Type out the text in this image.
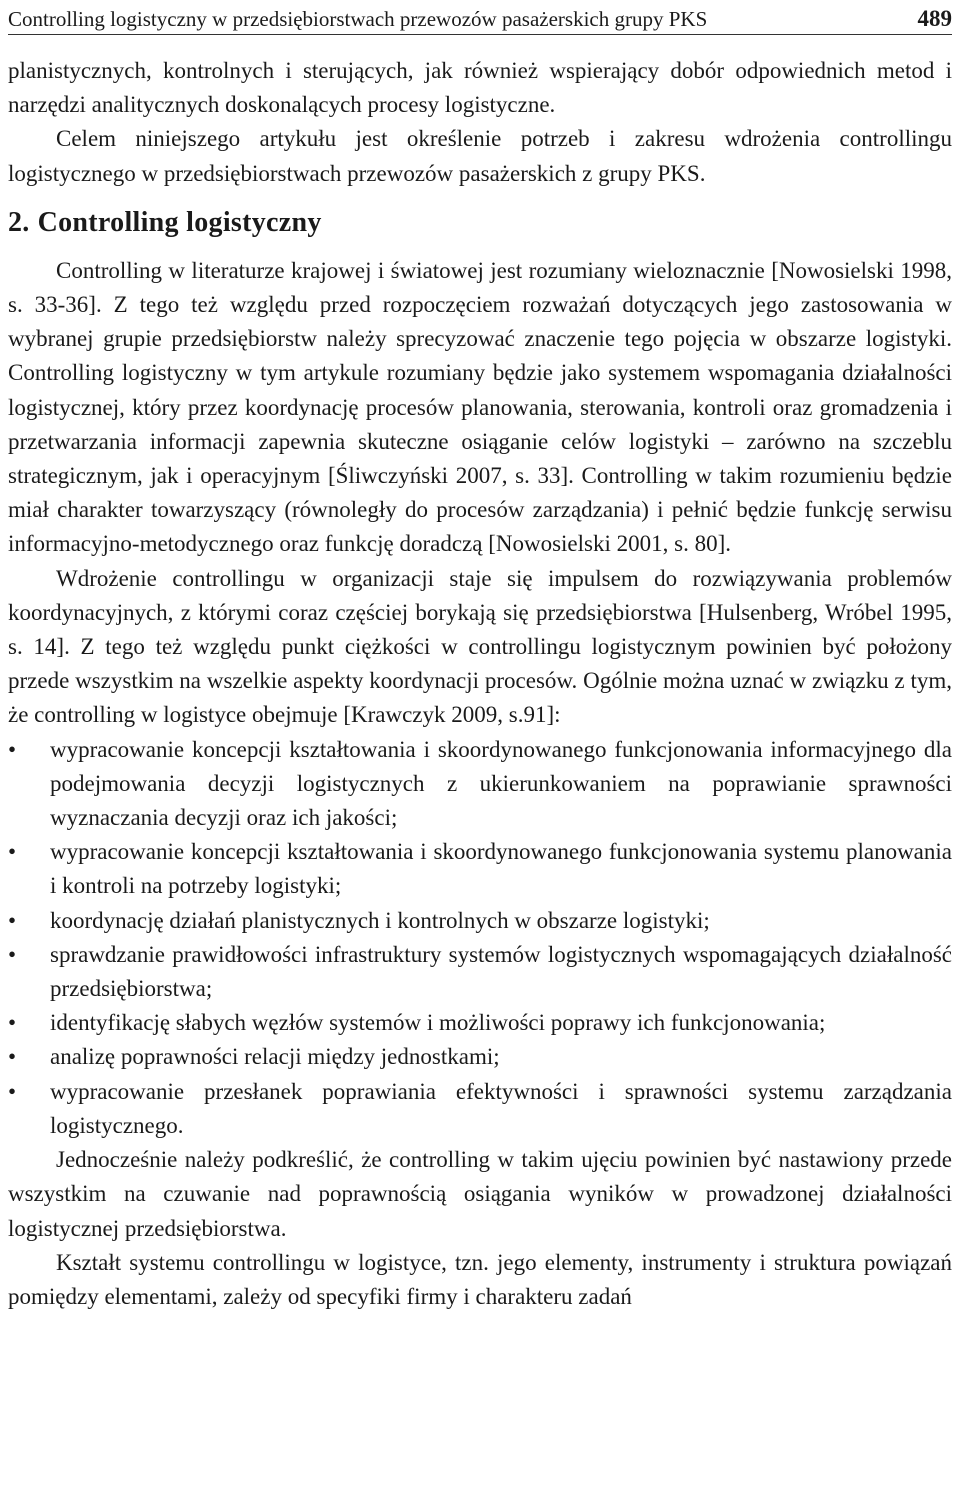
Controlling logistyczny w przedsiębiorstwach przewozów pasażerskich grupy PKS	489

planistycznych, kontrolnych i sterujących, jak również wspierający dobór odpowiednich metod i narzędzi analitycznych doskonalących procesy logistyczne.

Celem niniejszego artykułu jest określenie potrzeb i zakresu wdrożenia controllingu logistycznego w przedsiębiorstwach przewozów pasażerskich z grupy PKS.

2. Controlling logistyczny

Controlling w literaturze krajowej i światowej jest rozumiany wieloznacznie [Nowosielski 1998, s. 33-36]. Z tego też względu przed rozpoczęciem rozważań dotyczących jego zastosowania w wybranej grupie przedsiębiorstw należy sprecyzować znaczenie tego pojęcia w obszarze logistyki. Controlling logistyczny w tym artykule rozumiany będzie jako systemem wspomagania działalności logistycznej, który przez koordynację procesów planowania, sterowania, kontroli oraz gromadzenia i przetwarzania informacji zapewnia skuteczne osiąganie celów logistyki – zarówno na szczeblu strategicznym, jak i operacyjnym [Śliwczyński 2007, s. 33]. Controlling w takim rozumieniu będzie miał charakter towarzyszący (równoległy do procesów zarządzania) i pełnić będzie funkcję serwisu informacyjno-metodycznego oraz funkcję doradczą [Nowosielski 2001, s. 80].

Wdrożenie controllingu w organizacji staje się impulsem do rozwiązywania problemów koordynacyjnych, z którymi coraz częściej borykają się przedsiębiorstwa [Hulsenberg, Wróbel 1995, s. 14]. Z tego też względu punkt ciężkości w controllingu logistycznym powinien być położony przede wszystkim na wszelkie aspekty koordynacji procesów. Ogólnie można uznać w związku z tym, że controlling w logistyce obejmuje [Krawczyk 2009, s.91]:

•	wypracowanie koncepcji kształtowania i skoordynowanego funkcjonowania informacyjnego dla podejmowania decyzji logistycznych z ukierunkowaniem na poprawianie sprawności wyznaczania decyzji oraz ich jakości;
•	wypracowanie koncepcji kształtowania i skoordynowanego funkcjonowania systemu planowania i kontroli na potrzeby logistyki;
•	koordynację działań planistycznych i kontrolnych w obszarze logistyki;
•	sprawdzanie prawidłowości infrastruktury systemów logistycznych wspomagających działalność przedsiębiorstwa;
•	identyfikację słabych węzłów systemów i możliwości poprawy ich funkcjonowania;
•	analizę poprawności relacji między jednostkami;
•	wypracowanie przesłanek poprawiania efektywności i sprawności systemu zarządzania logistycznego.

Jednocześnie należy podkreślić, że controlling w takim ujęciu powinien być nastawiony przede wszystkim na czuwanie nad poprawnością osiągania wyników w prowadzonej działalności logistycznej przedsiębiorstwa.

Kształt systemu controllingu w logistyce, tzn. jego elementy, instrumenty i struktura powiązań pomiędzy elementami, zależy od specyfiki firmy i charakteru zadań
